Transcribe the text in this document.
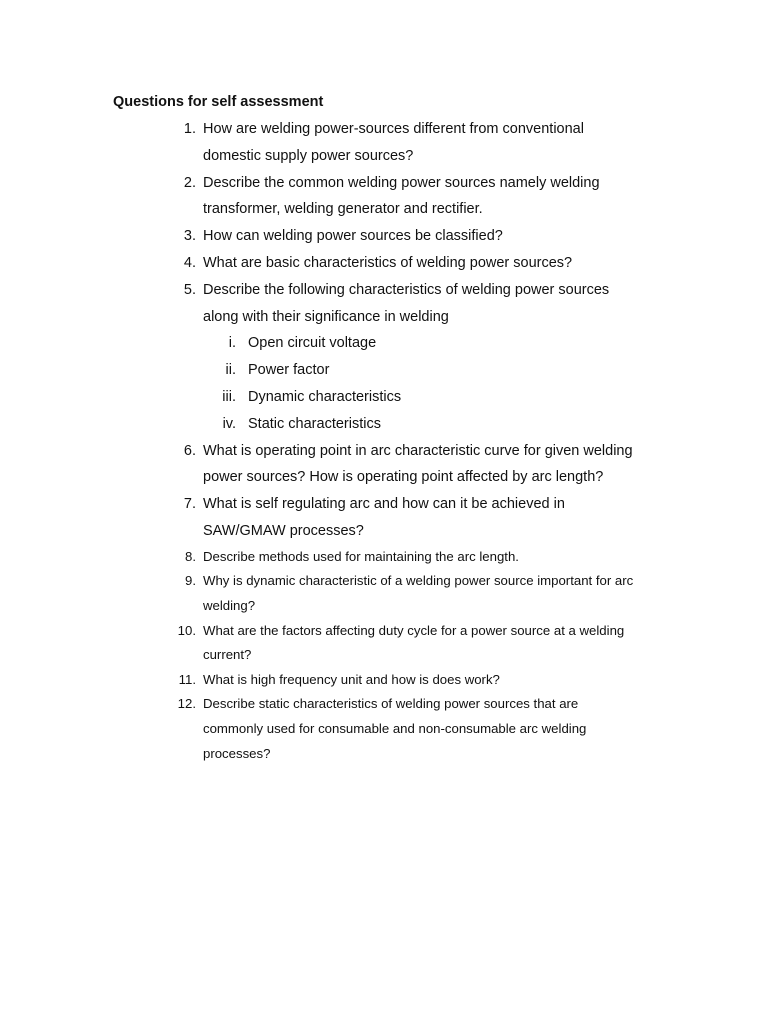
Questions for self assessment
1. How are welding power-sources different from conventional
domestic supply power sources?
2. Describe the common welding power sources namely welding
transformer, welding generator and rectifier.
3. How can welding power sources be classified?
4. What are basic characteristics of welding power sources?
5. Describe the following characteristics of welding power sources
along with their significance in welding
i. Open circuit voltage
ii. Power factor
iii. Dynamic characteristics
iv. Static characteristics
6. What is operating point in arc characteristic curve for given welding
power sources? How is operating point affected by arc length?
7. What is self regulating arc and how can it be achieved in
SAW/GMAW processes?
8. Describe methods used for maintaining the arc length.
9. Why is dynamic characteristic of a welding power source important for arc
welding?
10. What are the factors affecting duty cycle for a power source at a welding
current?
11. What is high frequency unit and how is does work?
12. Describe static characteristics of welding power sources that are
commonly used for consumable and non-consumable arc welding
processes?
